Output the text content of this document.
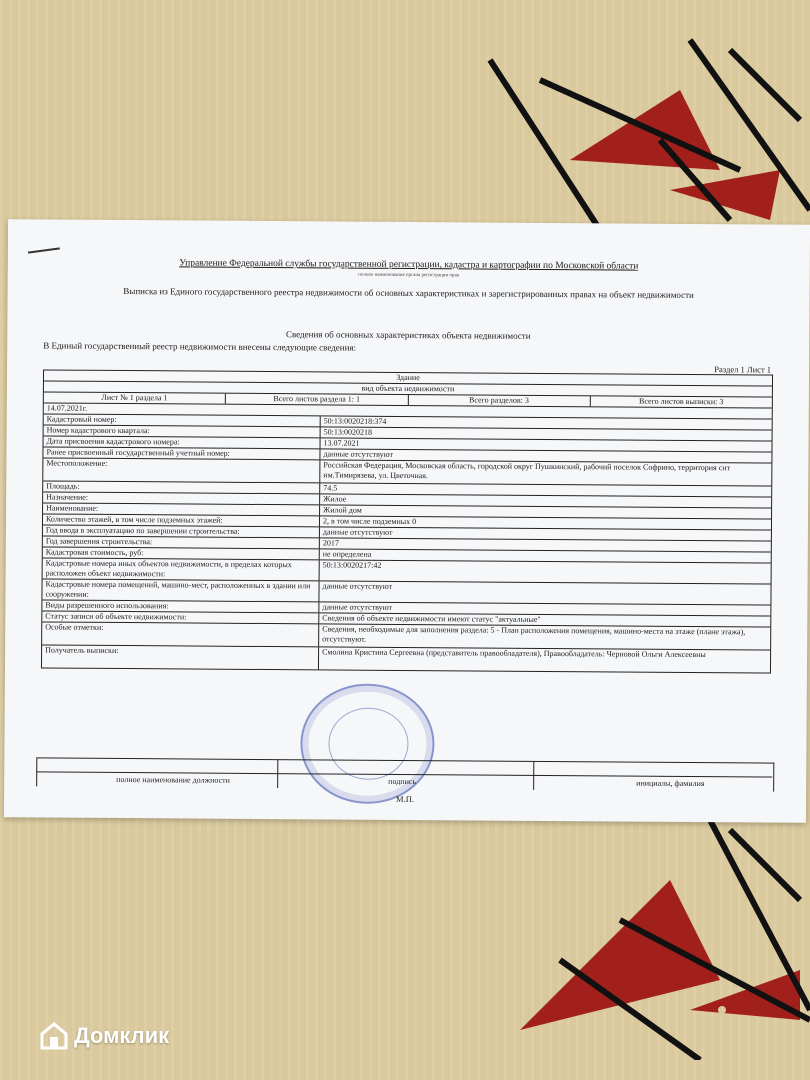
Управление Федеральной службы государственной регистрации, кадастра и картографии по Московской области
полное наименование органа регистрации прав
Выписка из Единого государственного реестра недвижимости об основных характеристиках и зарегистрированных правах на объект недвижимости
Сведения об основных характеристиках объекта недвижимости
В Единый государственный реестр недвижимости внесены следующие сведения:
Раздел 1 Лист 1
Здание
вид объекта недвижимости
Лист № 1 раздела 1	Всего листов раздела 1: 1	Всего разделов: 3	Всего листов выписки: 3
14.07.2021г.
Кадастровый номер:	50:13:0020218:374
Номер кадастрового квартала:	50:13:0020218
Дата присвоения кадастрового номера:	13.07.2021
Ранее присвоенный государственный учетный номер:	данные отсутствуют
Местоположение:	Российская Федерация, Московская область, городской округ Пушкинский, рабочий поселок Софрино, территория снт им.Тимирязева, ул. Цветочная.
Площадь:	74.5
Назначение:	Жилое
Наименование:	Жилой дом
Количество этажей, в том числе подземных этажей:	2, в том числе подземных 0
Год ввода в эксплуатацию по завершении строительства:	данные отсутствуют
Год завершения строительства:	2017
Кадастровая стоимость, руб:	не определена
Кадастровые номера иных объектов недвижимости, в пределах которых расположен объект недвижимости:
50:13:0020217:42
Кадастровые номера помещений, машино-мест, расположенных в здании или сооружении:
данные отсутствуют
Виды разрешенного использования:	данные отсутствуют
Статус записи об объекте недвижимости:	Сведения об объекте недвижимости имеют статус "актуальные"
Особые отметки:	Сведения, необходимые для заполнения раздела: 5 - План расположения помещения, машино-места на этаже (плане этажа), отсутствуют.
Получатель выписки:	Смолина Кристина Сергеевна (представитель правообладателя), Правообладатель: Черновой Ольги Алексеевны
полное наименование должности	подпись	инициалы, фамилия
М.П.
Домклик
